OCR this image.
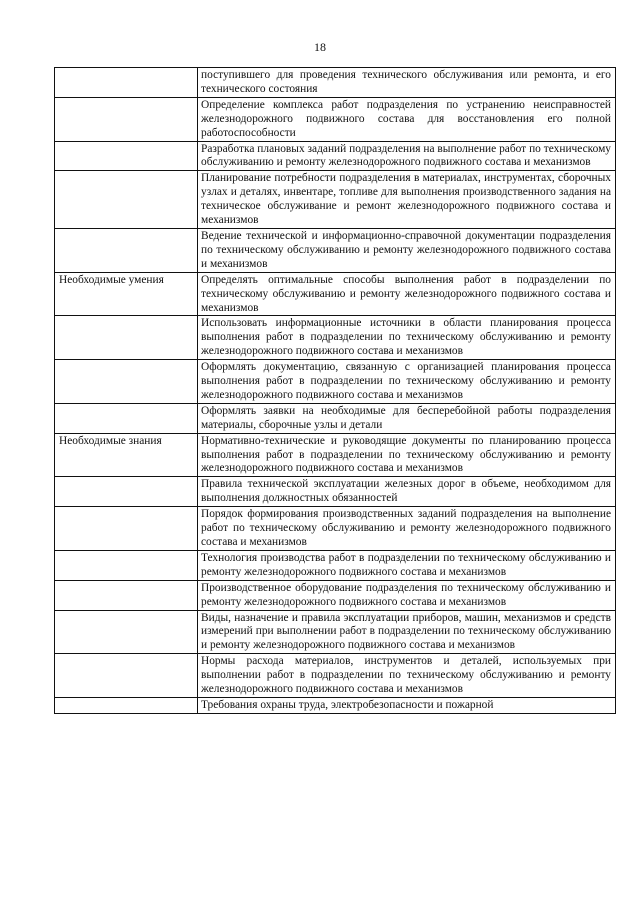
18
	поступившего для проведения технического обслуживания или ремонта, и его технического состояния
	Определение комплекса работ подразделения по устранению неисправностей железнодорожного подвижного состава для восстановления его полной работоспособности
	Разработка плановых заданий подразделения на выполнение работ по техническому обслуживанию и ремонту железнодорожного подвижного состава и механизмов
	Планирование потребности подразделения в материалах, инструментах, сборочных узлах и деталях, инвентаре, топливе для выполнения производственного задания на техническое обслуживание и ремонт железнодорожного подвижного состава и механизмов
	Ведение технической и информационно-справочной документации подразделения по техническому обслуживанию и ремонту железнодорожного подвижного состава и механизмов
Необходимые умения	Определять оптимальные способы выполнения работ в подразделении по техническому обслуживанию и ремонту железнодорожного подвижного состава и механизмов
	Использовать информационные источники в области планирования процесса выполнения работ в подразделении по техническому обслуживанию и ремонту железнодорожного подвижного состава и механизмов
	Оформлять документацию, связанную с организацией планирования процесса выполнения работ в подразделении по техническому обслуживанию и ремонту железнодорожного подвижного состава и механизмов
	Оформлять заявки на необходимые для бесперебойной работы подразделения материалы, сборочные узлы и детали
Необходимые знания	Нормативно-технические и руководящие документы по планированию процесса выполнения работ в подразделении по техническому обслуживанию и ремонту железнодорожного подвижного состава и механизмов
	Правила технической эксплуатации железных дорог в объеме, необходимом для выполнения должностных обязанностей
	Порядок формирования производственных заданий подразделения на выполнение работ по техническому обслуживанию и ремонту железнодорожного подвижного состава и механизмов
	Технология производства работ в подразделении по техническому обслуживанию и ремонту железнодорожного подвижного состава и механизмов
	Производственное оборудование подразделения по техническому обслуживанию и ремонту железнодорожного подвижного состава и механизмов
	Виды, назначение и правила эксплуатации приборов, машин, механизмов и средств измерений при выполнении работ в подразделении по техническому обслуживанию и ремонту железнодорожного подвижного состава и механизмов
	Нормы расхода материалов, инструментов и деталей, используемых при выполнении работ в подразделении по техническому обслуживанию и ремонту железнодорожного подвижного состава и механизмов
	Требования охраны труда, электробезопасности и пожарной
